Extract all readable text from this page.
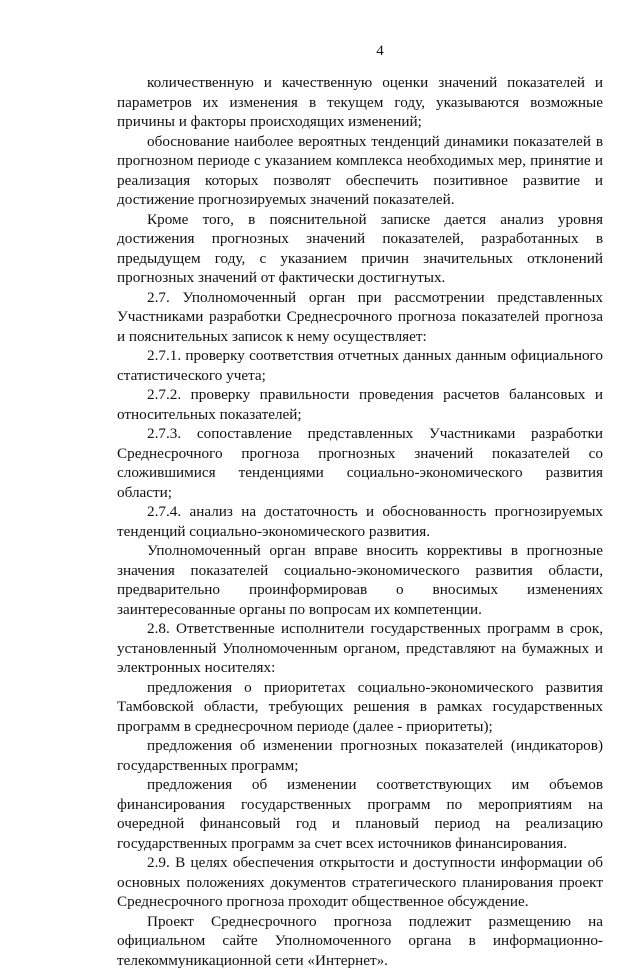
4

количественную и качественную оценки значений показателей и параметров их изменения в текущем году, указываются возможные причины и факторы происходящих изменений;

обоснование наиболее вероятных тенденций динамики показателей в прогнозном периоде с указанием комплекса необходимых мер, принятие и реализация которых позволят обеспечить позитивное развитие и достижение прогнозируемых значений показателей.

Кроме того, в пояснительной записке дается анализ уровня достижения прогнозных значений показателей, разработанных в предыдущем году, с указанием причин значительных отклонений прогнозных значений от фактически достигнутых.

2.7. Уполномоченный орган при рассмотрении представленных Участниками разработки Среднесрочного прогноза показателей прогноза и пояснительных записок к нему осуществляет:

2.7.1. проверку соответствия отчетных данных данным официального статистического учета;

2.7.2. проверку правильности проведения расчетов балансовых и относительных показателей;

2.7.3. сопоставление представленных Участниками разработки Среднесрочного прогноза прогнозных значений показателей со сложившимися тенденциями социально-экономического развития области;

2.7.4. анализ на достаточность и обоснованность прогнозируемых тенденций социально-экономического развития.

Уполномоченный орган вправе вносить коррективы в прогнозные значения показателей социально-экономического развития области, предварительно проинформировав о вносимых изменениях заинтересованные органы по вопросам их компетенции.

2.8. Ответственные исполнители государственных программ в срок, установленный Уполномоченным органом, представляют на бумажных и электронных носителях:

предложения о приоритетах социально-экономического развития Тамбовской области, требующих решения в рамках государственных программ в среднесрочном периоде (далее - приоритеты);

предложения об изменении прогнозных показателей (индикаторов) государственных программ;

предложения об изменении соответствующих им объемов финансирования государственных программ по мероприятиям на очередной финансовый год и плановый период на реализацию государственных программ за счет всех источников финансирования.

2.9. В целях обеспечения открытости и доступности информации об основных положениях документов стратегического планирования проект Среднесрочного прогноза проходит общественное обсуждение.

Проект Среднесрочного прогноза подлежит размещению на официальном сайте Уполномоченного органа в информационно-телекоммуникационной сети «Интернет».
